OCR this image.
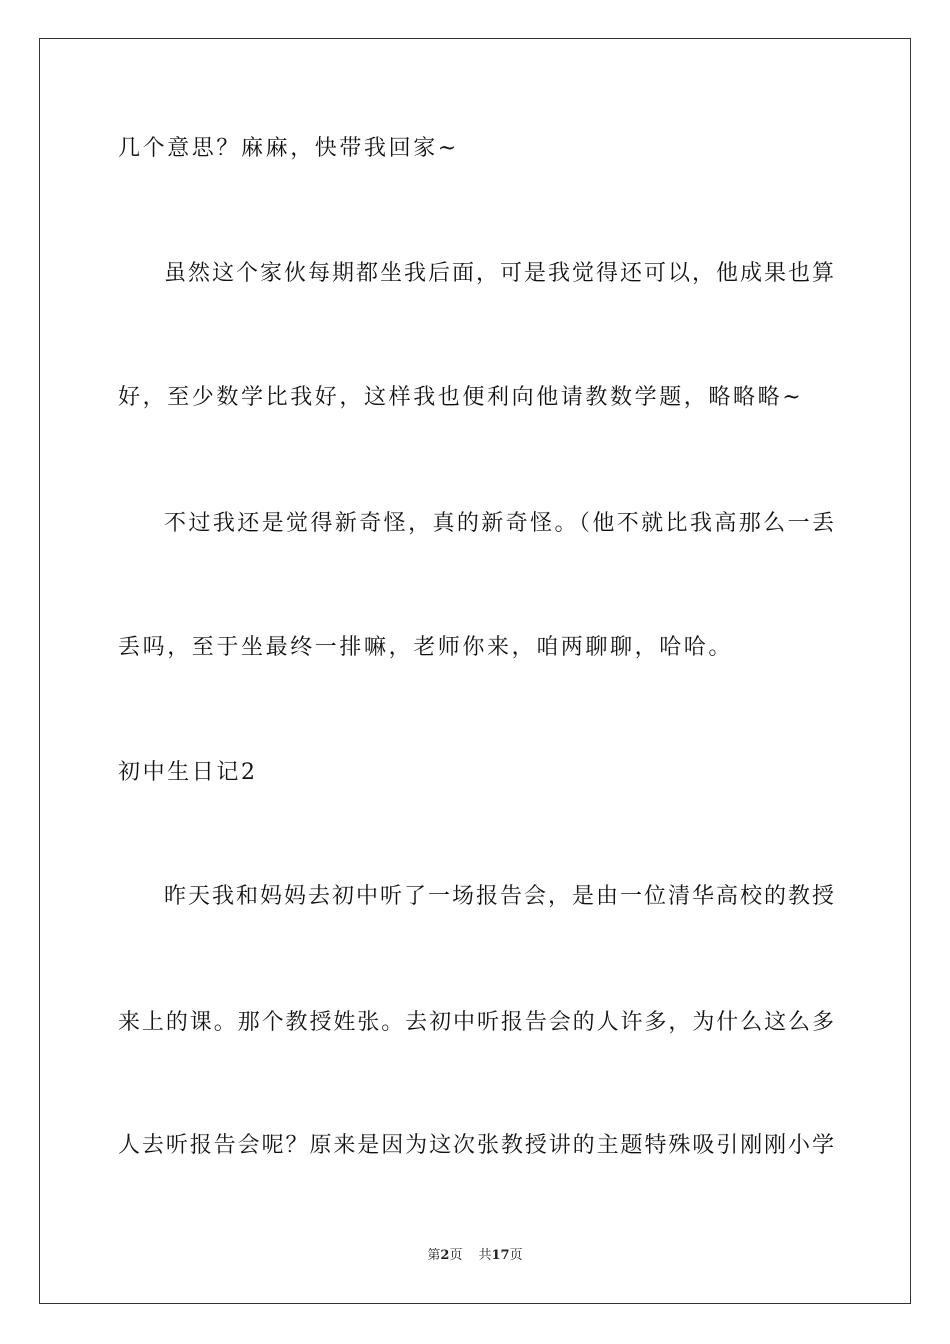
几个意思？麻麻，快带我回家~
虽然这个家伙每期都坐我后面，可是我觉得还可以，他成果也算
好，至少数学比我好，这样我也便利向他请教数学题，略略略~
不过我还是觉得新奇怪，真的新奇怪。（他不就比我高那么一丢
丢吗，至于坐最终一排嘛，老师你来，咱两聊聊，哈哈。
初中生日记2
昨天我和妈妈去初中听了一场报告会，是由一位清华高校的教授
来上的课。那个教授姓张。去初中听报告会的人许多，为什么这么多
人去听报告会呢？原来是因为这次张教授讲的主题特殊吸引刚刚小学
第2页 共17页
